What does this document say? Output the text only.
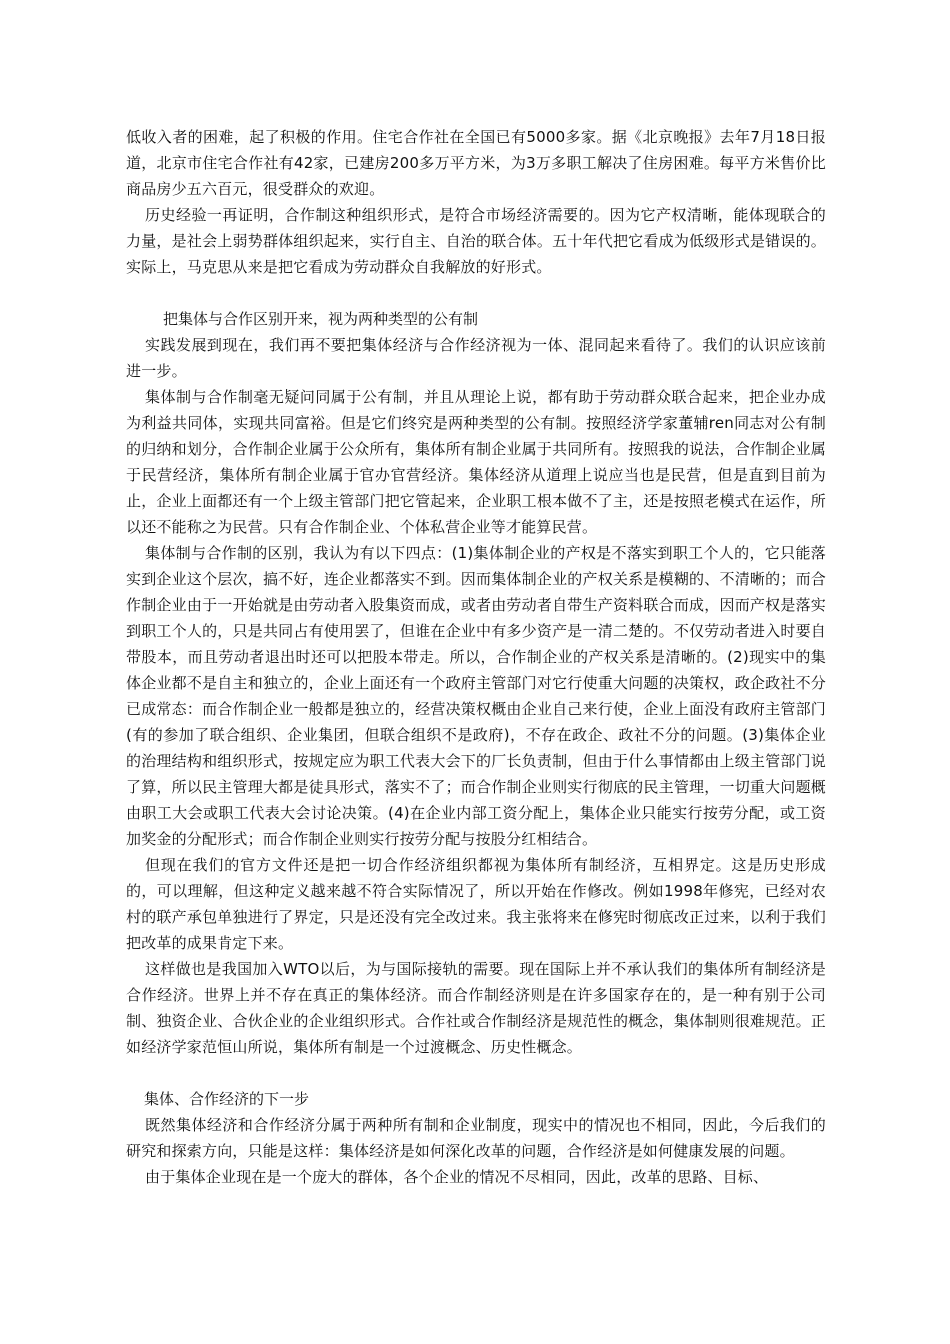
低收入者的困难，起了积极的作用。住宅合作社在全国已有5000多家。据《北京晚报》去年7月18日报道，北京市住宅合作社有42家，已建房200多万平方米，为3万多职工解决了住房困难。每平方米售价比商品房少五六百元，很受群众的欢迎。

历史经验一再证明，合作制这种组织形式，是符合市场经济需要的。因为它产权清晰，能体现联合的力量，是社会上弱势群体组织起来，实行自主、自治的联合体。五十年代把它看成为低级形式是错误的。实际上，马克思从来是把它看成为劳动群众自我解放的好形式。

把集体与合作区别开来，视为两种类型的公有制

实践发展到现在，我们再不要把集体经济与合作经济视为一体、混同起来看待了。我们的认识应该前进一步。

集体制与合作制毫无疑问同属于公有制，并且从理论上说，都有助于劳动群众联合起来，把企业办成为利益共同体，实现共同富裕。但是它们终究是两种类型的公有制。按照经济学家董辅ren同志对公有制的归纳和划分，合作制企业属于公众所有，集体所有制企业属于共同所有。按照我的说法，合作制企业属于民营经济，集体所有制企业属于官办官营经济。集体经济从道理上说应当也是民营，但是直到目前为止，企业上面都还有一个上级主管部门把它管起来，企业职工根本做不了主，还是按照老模式在运作，所以还不能称之为民营。只有合作制企业、个体私营企业等才能算民营。

集体制与合作制的区别，我认为有以下四点：(1)集体制企业的产权是不落实到职工个人的，它只能落实到企业这个层次，搞不好，连企业都落实不到。因而集体制企业的产权关系是模糊的、不清晰的；而合作制企业由于一开始就是由劳动者入股集资而成，或者由劳动者自带生产资料联合而成，因而产权是落实到职工个人的，只是共同占有使用罢了，但谁在企业中有多少资产是一清二楚的。不仅劳动者进入时要自带股本，而且劳动者退出时还可以把股本带走。所以，合作制企业的产权关系是清晰的。(2)现实中的集体企业都不是自主和独立的，企业上面还有一个政府主管部门对它行使重大问题的决策权，政企政社不分已成常态：而合作制企业一般都是独立的，经营决策权概由企业自己来行使，企业上面没有政府主管部门(有的参加了联合组织、企业集团，但联合组织不是政府)，不存在政企、政社不分的问题。(3)集体企业的治理结构和组织形式，按规定应为职工代表大会下的厂长负责制，但由于什么事情都由上级主管部门说了算，所以民主管理大都是徒具形式，落实不了；而合作制企业则实行彻底的民主管理，一切重大问题概由职工大会或职工代表大会讨论决策。(4)在企业内部工资分配上，集体企业只能实行按劳分配，或工资加奖金的分配形式；而合作制企业则实行按劳分配与按股分红相结合。

但现在我们的官方文件还是把一切合作经济组织都视为集体所有制经济，互相界定。这是历史形成的，可以理解，但这种定义越来越不符合实际情况了，所以开始在作修改。例如1998年修宪，已经对农村的联产承包单独进行了界定，只是还没有完全改过来。我主张将来在修宪时彻底改正过来，以利于我们把改革的成果肯定下来。

这样做也是我国加入WTO以后，为与国际接轨的需要。现在国际上并不承认我们的集体所有制经济是合作经济。世界上并不存在真正的集体经济。而合作制经济则是在许多国家存在的，是一种有别于公司制、独资企业、合伙企业的企业组织形式。合作社或合作制经济是规范性的概念，集体制则很难规范。正如经济学家范恒山所说，集体所有制是一个过渡概念、历史性概念。

集体、合作经济的下一步

既然集体经济和合作经济分属于两种所有制和企业制度，现实中的情况也不相同，因此，今后我们的研究和探索方向，只能是这样：集体经济是如何深化改革的问题，合作经济是如何健康发展的问题。

由于集体企业现在是一个庞大的群体，各个企业的情况不尽相同，因此，改革的思路、目标、
